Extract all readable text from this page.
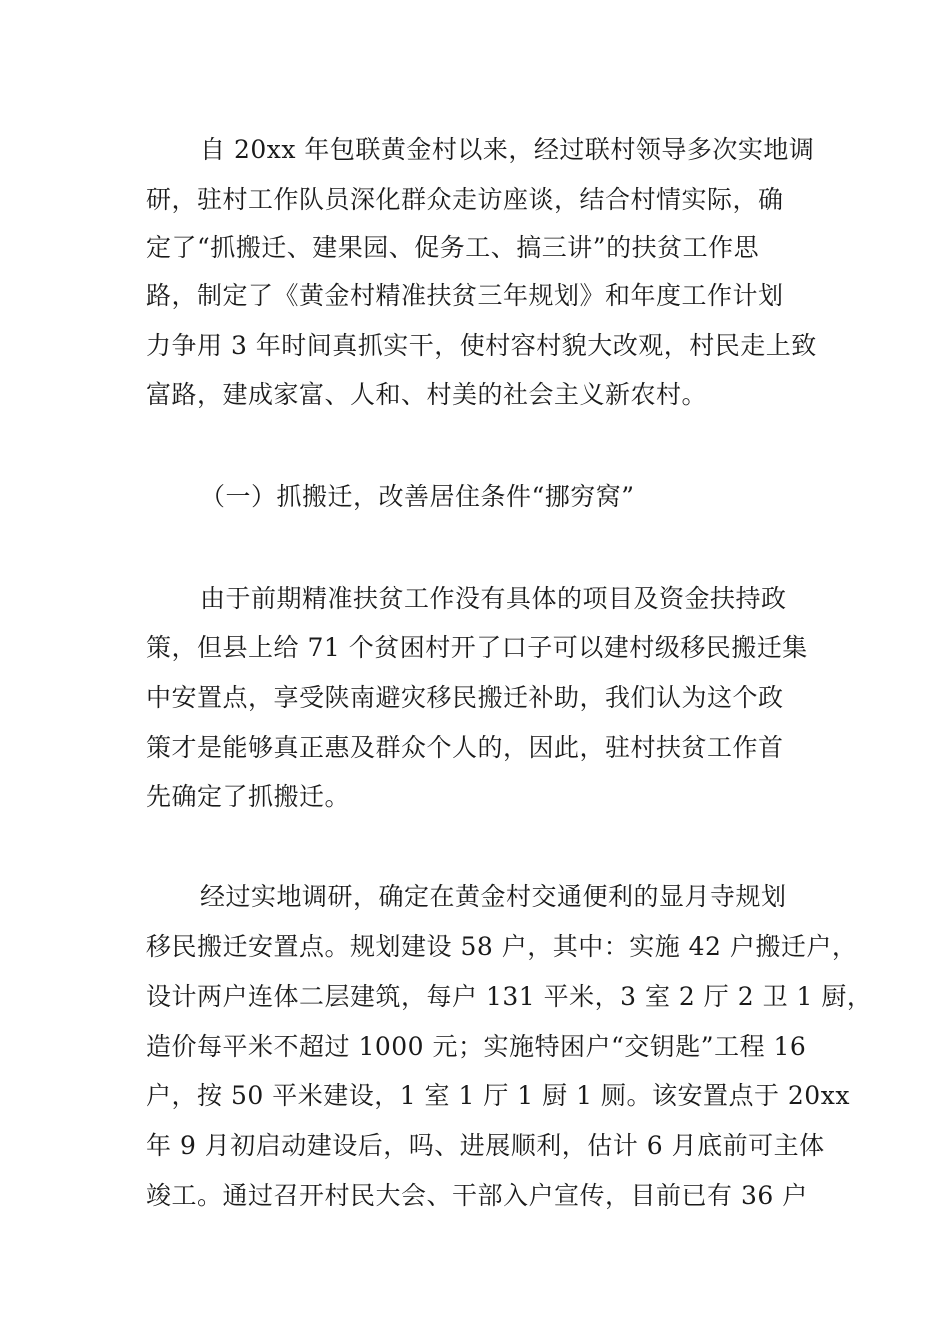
自 20xx 年包联黄金村以来，经过联村领导多次实地调
研，驻村工作队员深化群众走访座谈，结合村情实际，确
定了“抓搬迁、建果园、促务工、搞三讲”的扶贫工作思
路，制定了《黄金村精准扶贫三年规划》和年度工作计划
力争用 3 年时间真抓实干，使村容村貌大改观，村民走上致
富路，建成家富、人和、村美的社会主义新农村。
（一）抓搬迁，改善居住条件“挪穷窝”
由于前期精准扶贫工作没有具体的项目及资金扶持政
策，但县上给 71 个贫困村开了口子可以建村级移民搬迁集
中安置点，享受陕南避灾移民搬迁补助，我们认为这个政
策才是能够真正惠及群众个人的，因此，驻村扶贫工作首
先确定了抓搬迁。
经过实地调研，确定在黄金村交通便利的显月寺规划
移民搬迁安置点。规划建设 58 户，其中：实施 42 户搬迁户，
设计两户连体二层建筑，每户 131 平米，3 室 2 厅 2 卫 1 厨，
造价每平米不超过 1000 元；实施特困户“交钥匙”工程 16
户，按 50 平米建设，1 室 1 厅 1 厨 1 厕。该安置点于 20xx
年 9 月初启动建设后，吗、进展顺利，估计 6 月底前可主体
竣工。通过召开村民大会、干部入户宣传，目前已有 36 户
